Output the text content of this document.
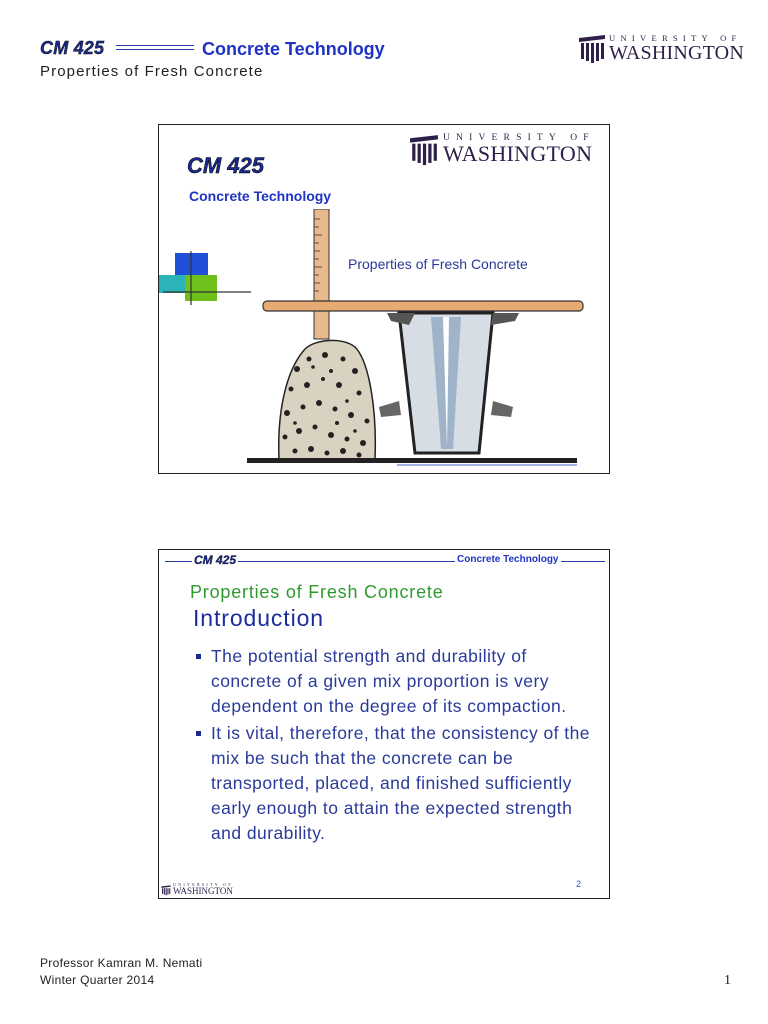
CM 425	Concrete Technology
Properties of Fresh Concrete
UNIVERSITY OF
WASHINGTON
CM 425
Concrete Technology
UNIVERSITY OF
WASHINGTON
Properties of Fresh Concrete
CM 425	Concrete Technology
Properties of Fresh Concrete
Introduction
The potential strength and durability of concrete of a given mix proportion is very dependent on the degree of its compaction.
It is vital, therefore, that the consistency of the mix be such that the concrete can be transported, placed, and finished sufficiently early enough to attain the expected strength and durability.
UNIVERSITY OF
WASHINGTON
2
Professor Kamran M. Nemati
Winter Quarter 2014	1
